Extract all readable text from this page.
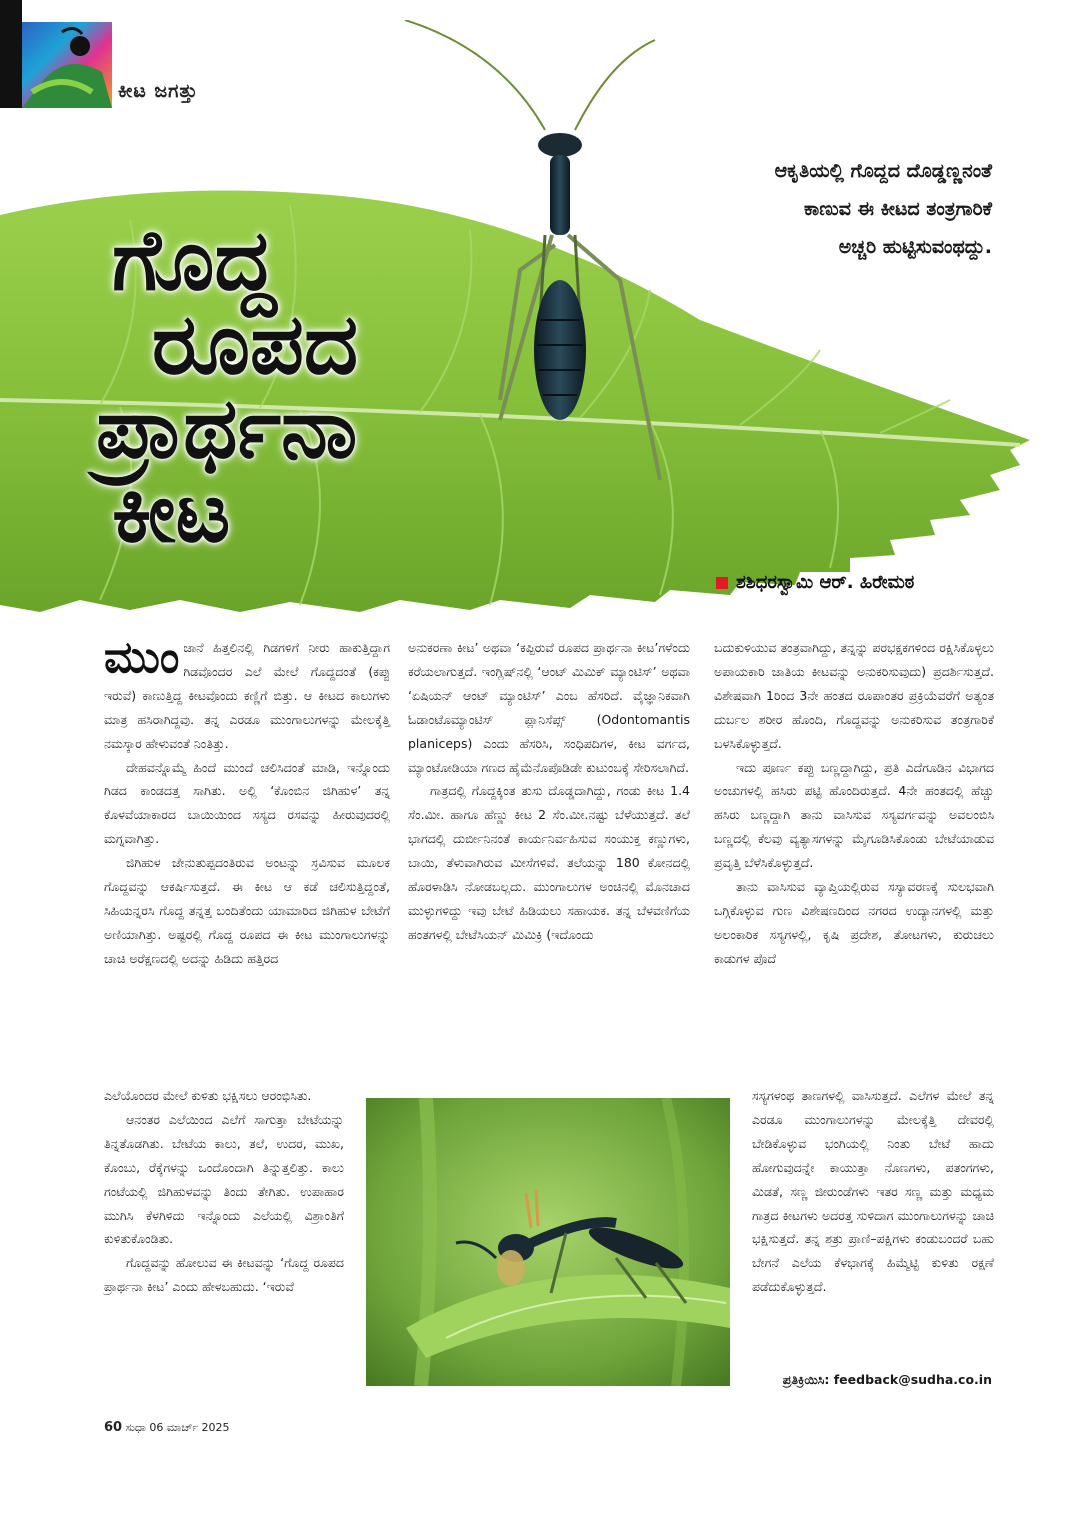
ಕೀಟ ಜಗತ್ತು
ಗೊದ್ದ
ರೂಪದ
ಪ್ರಾರ್ಥನಾ
ಕೀಟ
ಆಕೃತಿಯಲ್ಲಿ ಗೊದ್ದದ ದೊಡ್ಡಣ್ಣನಂತೆ
ಕಾಣುವ ಈ ಕೀಟದ ತಂತ್ರಗಾರಿಕೆ
ಅಚ್ಚರಿ ಹುಟ್ಟಿಸುವಂಥದ್ದು.
ಶಶಿಧರಸ್ವಾಮಿ ಆರ್. ಹಿರೇಮಠ

ಮುಂಜಾನೆ ಹಿತ್ತಲಿನಲ್ಲಿ ಗಿಡಗಳಿಗೆ ನೀರು ಹಾಕುತ್ತಿದ್ದಾಗ ಗಿಡವೊಂದರ ಎಲೆ ಮೇಲೆ ಗೊದ್ದದಂತೆ (ಕಪ್ಪು ಇರುವೆ) ಕಾಣುತ್ತಿದ್ದ ಕೀಟವೊಂದು ಕಣ್ಣಿಗೆ ಬಿತ್ತು. ಆ ಕೀಟದ ಕಾಲುಗಳು ಮಾತ್ರ ಹಸಿರಾಗಿದ್ದವು. ತನ್ನ ಎರಡೂ ಮುಂಗಾಲುಗಳನ್ನು ಮೇಲಕ್ಕೆತ್ತಿ ನಮಸ್ಕಾರ ಹೇಳುವಂತೆ ನಿಂತಿತ್ತು.

ದೇಹವನ್ನೊಮ್ಮೆ ಹಿಂದೆ ಮುಂದೆ ಚಲಿಸಿದಂತೆ ಮಾಡಿ, ಇನ್ನೊಂದು ಗಿಡದ ಕಾಂಡದತ್ತ ಸಾಗಿತು. ಅಲ್ಲಿ ‘ಕೊಂಬಿನ ಜಿಗಿಹುಳ’ ತನ್ನ ಕೊಳವೆಯಾಕಾರದ ಬಾಯಿಯಿಂದ ಸಸ್ಯದ ರಸವನ್ನು ಹೀರುವುದರಲ್ಲಿ ಮಗ್ನವಾಗಿತ್ತು.

ಜಿಗಿಹುಳ ಜೇನುತುಪ್ಪದಂತಿರುವ ಅಂಟನ್ನು ಸ್ರವಿಸುವ ಮೂಲಕ ಗೊದ್ದವನ್ನು ಆಕರ್ಷಿಸುತ್ತದೆ. ಈ ಕೀಟ ಆ ಕಡೆ ಚಲಿಸುತ್ತಿದ್ದಂತೆ, ಸಿಹಿಯನ್ನರಸಿ ಗೊದ್ದ ತನ್ನತ್ತ ಬಂದಿತೆಂದು ಯಾಮಾರಿದ ಜಿಗಿಹುಳ ಬೇಟೆಗೆ ಅಣಿಯಾಗಿತ್ತು. ಅಷ್ಟರಲ್ಲಿ ಗೊದ್ದ ರೂಪದ ಈ ಕೀಟ ಮುಂಗಾಲುಗಳನ್ನು ಚಾಚಿ ಅರೆಕ್ಷಣದಲ್ಲಿ ಅದನ್ನು ಹಿಡಿದು ಹತ್ತಿರದ

ಎಲೆಯೊಂದರ ಮೇಲೆ ಕುಳಿತು ಭಕ್ಷಿಸಲು ಆರಂಭಿಸಿತು.

ಆನಂತರ ಎಲೆಯಿಂದ ಎಲೆಗೆ ಸಾಗುತ್ತಾ ಬೇಟೆಯನ್ನು ತಿನ್ನತೊಡಗಿತು. ಬೇಟೆಯ ಕಾಲು, ತಲೆ, ಉದರ, ಮುಖ, ಕೊಂಬು, ರೆಕ್ಕೆಗಳನ್ನು ಒಂದೊಂದಾಗಿ ತಿನ್ನುತ್ತಲಿತ್ತು. ಕಾಲು ಗಂಟೆಯಲ್ಲಿ ಜಿಗಿಹುಳವನ್ನು ತಿಂದು ತೇಗಿತು. ಉಪಾಹಾರ ಮುಗಿಸಿ ಕೆಳಗಿಳಿದು ಇನ್ನೊಂದು ಎಲೆಯಲ್ಲಿ ವಿಶ್ರಾಂತಿಗೆ ಕುಳಿತುಕೊಂಡಿತು.

ಗೊದ್ದವನ್ನು ಹೋಲುವ ಈ ಕೀಟವನ್ನು ‘ಗೊದ್ದ ರೂಪದ ಪ್ರಾರ್ಥನಾ ಕೀಟ’ ಎಂದು ಹೇಳಬಹುದು. ‘ಇರುವೆ

ಅನುಕರಣಾ ಕೀಟ’ ಅಥವಾ ‘ಕಪ್ಪಿರುವೆ ರೂಪದ ಪ್ರಾರ್ಥನಾ ಕೀಟ’ಗಳೆಂದು ಕರೆಯಲಾಗುತ್ತದೆ. ಇಂಗ್ಲಿಷ್‌ನಲ್ಲಿ ‘ಆಂಟ್ ಮಿಮಿಕ್ ಮ್ಯಾಂಟಿಸ್’ ಅಥವಾ ‘ಏಷಿಯನ್ ಆಂಟ್ ಮ್ಯಾಂಟಿಸ್’ ಎಂಬ ಹೆಸರಿದೆ. ವೈಜ್ಞಾನಿಕವಾಗಿ ಓಡಾಂಟೊಮ್ಯಾಂಟಿಸ್ ಪ್ಲಾನಿಸೆಪ್ಸ್ (Odontomantis planiceps) ಎಂದು ಹೆಸರಿಸಿ, ಸಂಧಿಪದಿಗಳ, ಕೀಟ ವರ್ಗದ, ಮ್ಯಾಂಟೋಡಿಯಾ ಗಣದ ಹೈಮೆನೊಪೊಡಿಡೇ ಕುಟುಂಬಕ್ಕೆ ಸೇರಿಸಲಾಗಿದೆ.

ಗಾತ್ರದಲ್ಲಿ ಗೊದ್ದಕ್ಕಿಂತ ತುಸು ದೊಡ್ಡದಾಗಿದ್ದು, ಗಂಡು ಕೀಟ 1.4 ಸೆಂ.ಮೀ. ಹಾಗೂ ಹೆಣ್ಣು ಕೀಟ 2 ಸೆಂ.ಮೀ.ನಷ್ಟು ಬೆಳೆಯುತ್ತದೆ. ತಲೆ ಭಾಗದಲ್ಲಿ ದುರ್ಬೀನಿನಂತೆ ಕಾರ್ಯನಿರ್ವಹಿಸುವ ಸಂಯುಕ್ತ ಕಣ್ಣುಗಳು, ಬಾಯಿ, ತೆಳುವಾಗಿರುವ ಮೀಸೆಗಳಿವೆ. ತಲೆಯನ್ನು 180 ಕೋನದಲ್ಲಿ ಹೊರಳಾಡಿಸಿ ನೋಡಬಲ್ಲದು. ಮುಂಗಾಲುಗಳ ಅಂಚಿನಲ್ಲಿ ಮೊನಚಾದ ಮುಳ್ಳುಗಳಿದ್ದು ಇವು ಬೇಟೆ ಹಿಡಿಯಲು ಸಹಾಯಕ. ತನ್ನ ಬೆಳವಣಿಗೆಯ ಹಂತಗಳಲ್ಲಿ ಬೇಟೆಸಿಯನ್ ಮಿಮಿಕ್ರಿ (ಇದೊಂದು

ಬದುಕುಳಿಯುವ ತಂತ್ರವಾಗಿದ್ದು, ತನ್ನನ್ನು ಪರಭಕ್ಷಕಗಳಿಂದ ರಕ್ಷಿಸಿಕೊಳ್ಳಲು ಅಪಾಯಕಾರಿ ಜಾತಿಯ ಕೀಟವನ್ನು ಅನುಕರಿಸುವುದು) ಪ್ರದರ್ಶಿಸುತ್ತದೆ. ವಿಶೇಷವಾಗಿ 1ರಿಂದ 3ನೇ ಹಂತದ ರೂಪಾಂತರ ಪ್ರಕ್ರಿಯೆವರೆಗೆ ಅತ್ಯಂತ ದುರ್ಬಲ ಶರೀರ ಹೊಂದಿ, ಗೊದ್ದವನ್ನು ಅನುಕರಿಸುವ ತಂತ್ರಗಾರಿಕೆ ಬಳಸಿಕೊಳ್ಳುತ್ತದೆ.

ಇದು ಪೂರ್ಣ ಕಪ್ಪು ಬಣ್ಣದ್ದಾಗಿದ್ದು, ಪ್ರತಿ ಎದೆಗೂಡಿನ ವಿಭಾಗದ ಅಂಚುಗಳಲ್ಲಿ ಹಸಿರು ಪಟ್ಟಿ ಹೊಂದಿರುತ್ತದೆ. 4ನೇ ಹಂತದಲ್ಲಿ ಹೆಚ್ಚು ಹಸಿರು ಬಣ್ಣದ್ದಾಗಿ ತಾನು ವಾಸಿಸುವ ಸಸ್ಯವರ್ಗವನ್ನು ಅವಲಂಬಿಸಿ ಬಣ್ಣದಲ್ಲಿ ಕೆಲವು ವ್ಯತ್ಯಾಸಗಳನ್ನು ಮೈಗೂಡಿಸಿಕೊಂಡು ಬೇಟೆಯಾಡುವ ಪ್ರವೃತ್ತಿ ಬೆಳೆಸಿಕೊಳ್ಳುತ್ತದೆ.

ತಾನು ವಾಸಿಸುವ ವ್ಯಾಪ್ತಿಯಲ್ಲಿರುವ ಸಸ್ಯಾವರಣಕ್ಕೆ ಸುಲಭವಾಗಿ ಒಗ್ಗಿಕೊಳ್ಳುವ ಗುಣ ವಿಶೇಷಣದಿಂದ ನಗರದ ಉದ್ಯಾನಗಳಲ್ಲಿ ಮತ್ತು ಅಲಂಕಾರಿಕ ಸಸ್ಯಗಳಲ್ಲಿ, ಕೃಷಿ ಪ್ರದೇಶ, ತೋಟಗಳು, ಕುರುಚಲು ಕಾಡುಗಳ ಪೊದೆ

ಸಸ್ಯಗಳಂಥ ತಾಣಗಳಲ್ಲಿ ವಾಸಿಸುತ್ತದೆ. ಎಲೆಗಳ ಮೇಲೆ ತನ್ನ ಎರಡೂ ಮುಂಗಾಲುಗಳನ್ನು ಮೇಲಕ್ಕೆತ್ತಿ ದೇವರಲ್ಲಿ ಬೇಡಿಕೊಳ್ಳುವ ಭಂಗಿಯಲ್ಲಿ ನಿಂತು ಬೇಟೆ ಹಾದು ಹೋಗುವುದನ್ನೇ ಕಾಯುತ್ತಾ ನೊಣಗಳು, ಪತಂಗಗಳು, ಮಿಡತೆ, ಸಣ್ಣ ಜೀರುಂಡೆಗಳು ಇತರ ಸಣ್ಣ ಮತ್ತು ಮಧ್ಯಮ ಗಾತ್ರದ ಕೀಟಗಳು ಅದರತ್ತ ಸುಳಿದಾಗ ಮುಂಗಾಲುಗಳನ್ನು ಚಾಚಿ ಭಕ್ಷಿಸುತ್ತದೆ. ತನ್ನ ಶತ್ರು ಪ್ರಾಣಿ–ಪಕ್ಷಿಗಳು ಕಂಡುಬಂದರೆ ಬಹು ಬೇಗನೆ ಎಲೆಯ ಕೆಳಭಾಗಕ್ಕೆ ಹಿಮ್ಮೆಟ್ಟಿ ಕುಳಿತು ರಕ್ಷಣೆ ಪಡೆದುಕೊಳ್ಳುತ್ತದೆ.

ಪ್ರತಿಕ್ರಿಯಿಸಿ: feedback@sudha.co.in
60 ಸುಧಾ 06 ಮಾರ್ಚ್ 2025
